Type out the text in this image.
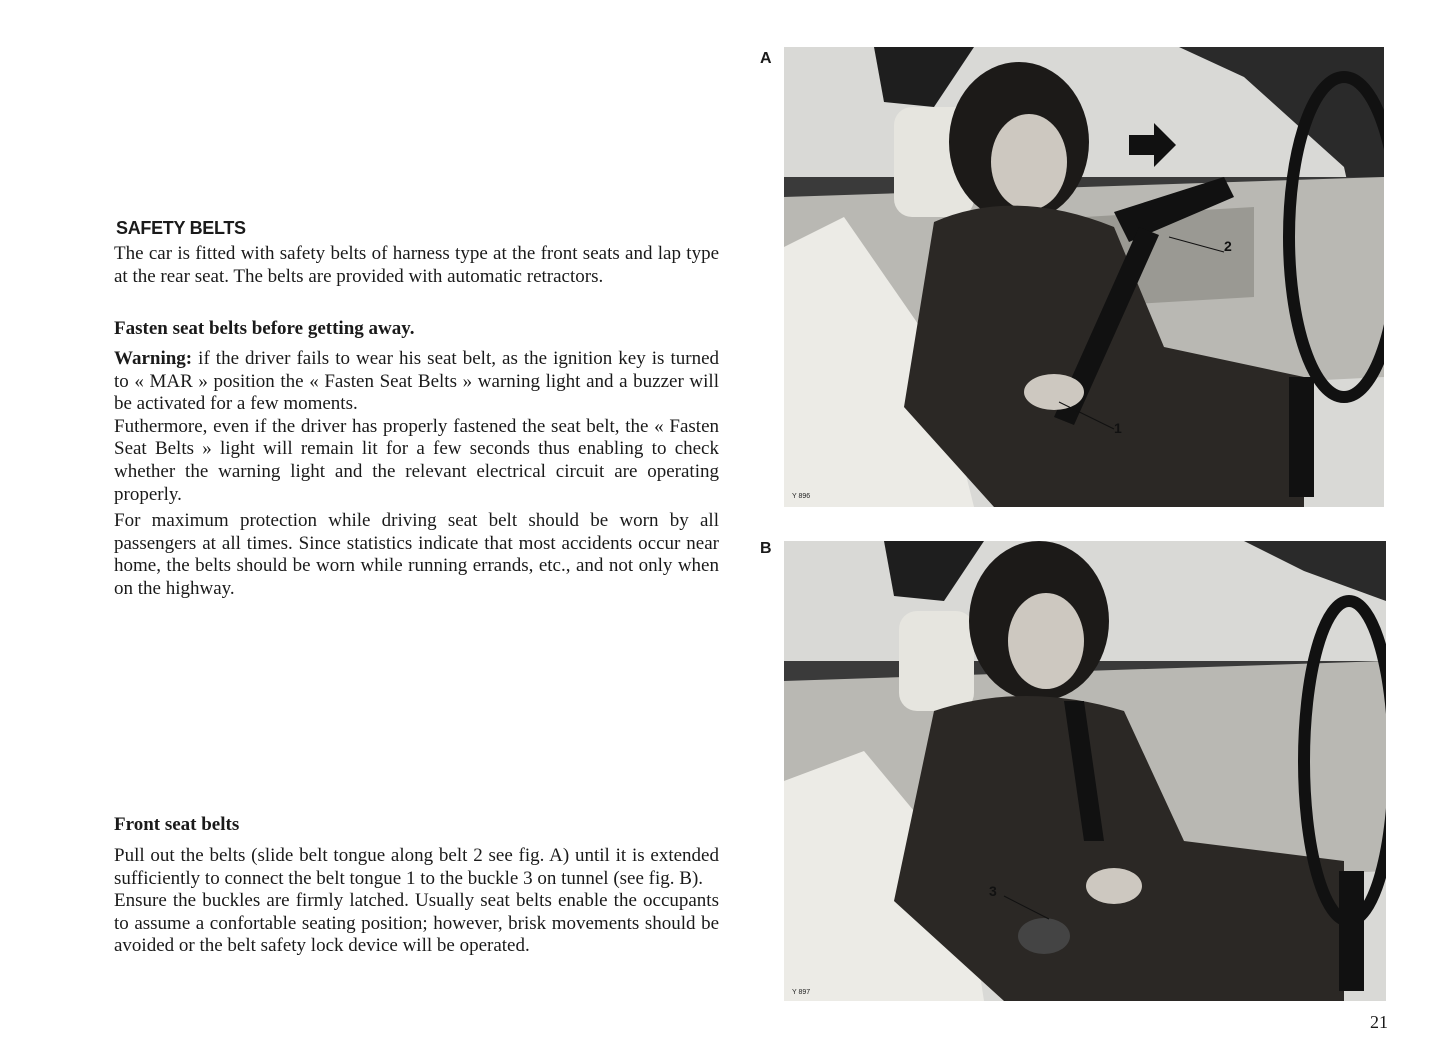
SAFETY BELTS

The car is fitted with safety belts of harness type at the front seats and lap type at the rear seat. The belts are provided with automatic retractors.

Fasten seat belts before getting away.

Warning: if the driver fails to wear his seat belt, as the ignition key is turned to « MAR » position the « Fasten Seat Belts » warning light and a buzzer will be activated for a few moments.

Futhermore, even if the driver has properly fastened the seat belt, the « Fasten Seat Belts » light will remain lit for a few seconds thus enabling to check whether the warning light and the relevant electrical circuit are operating properly.

For maximum protection while driving seat belt should be worn by all passengers at all times. Since statistics indicate that most accidents occur near home, the belts should be worn while running errands, etc., and not only when on the highway.

Front seat belts

Pull out the belts (slide belt tongue along belt 2 see fig. A) until it is extended sufficiently to connect the belt tongue 1 to the buckle 3 on tunnel (see fig. B).

Ensure the buckles are firmly latched. Usually seat belts enable the occupants to assume a confortable seating position; however, brisk movements should be avoided or the belt safety lock device will be operated.

A
2
1
Y 896
B
3
Y 897
21
